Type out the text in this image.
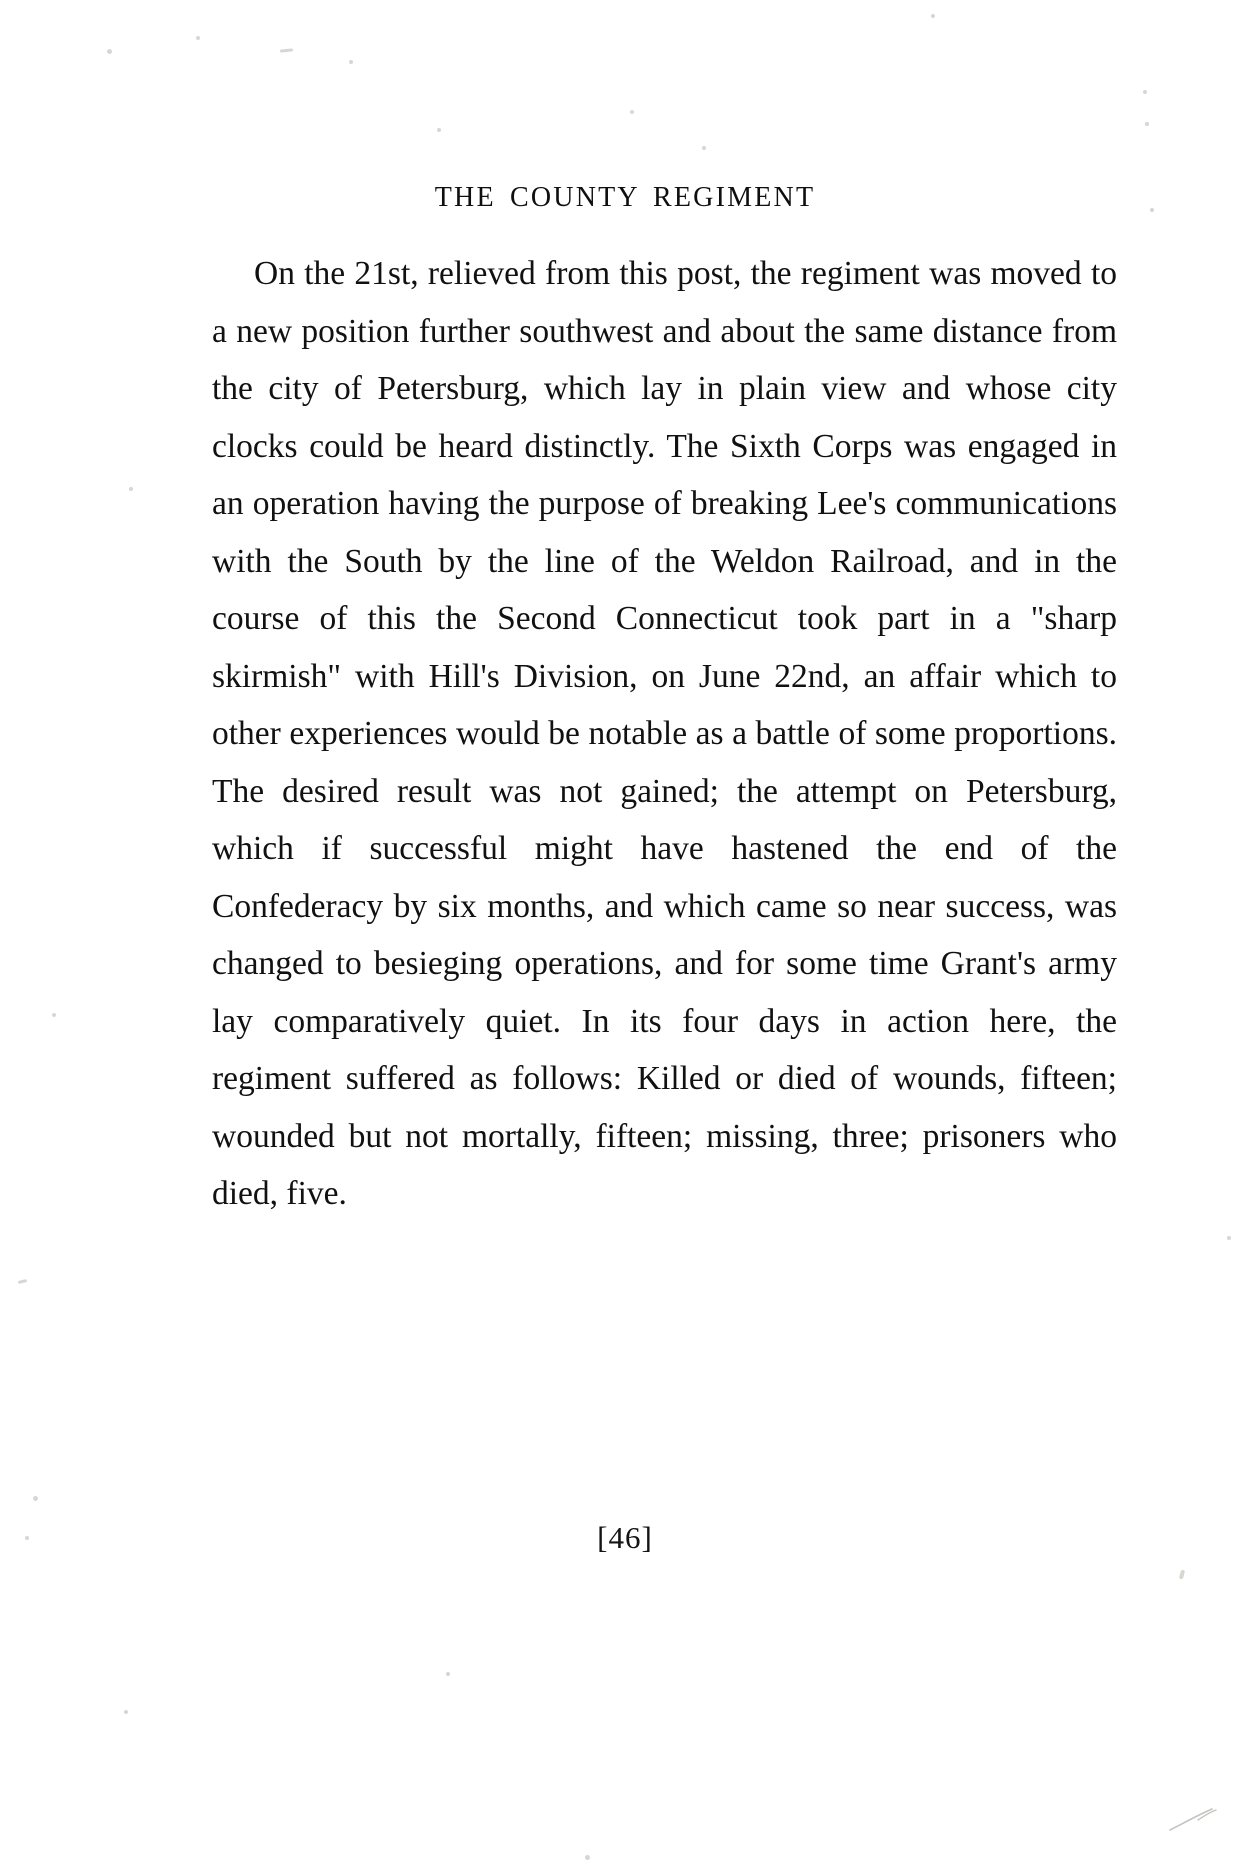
THE COUNTY REGIMENT

On the 21st, relieved from this post, the regiment was moved to a new position further southwest and about the same distance from the city of Petersburg, which lay in plain view and whose city clocks could be heard distinctly. The Sixth Corps was engaged in an operation having the purpose of breaking Lee's communications with the South by the line of the Weldon Railroad, and in the course of this the Second Connecticut took part in a "sharp skirmish" with Hill's Division, on June 22nd, an affair which to other experiences would be notable as a battle of some proportions. The desired result was not gained; the attempt on Petersburg, which if successful might have hastened the end of the Confederacy by six months, and which came so near success, was changed to besieging operations, and for some time Grant's army lay comparatively quiet. In its four days in action here, the regiment suffered as follows: Killed or died of wounds, fifteen; wounded but not mortally, fifteen; missing, three; prisoners who died, five.

[46]
